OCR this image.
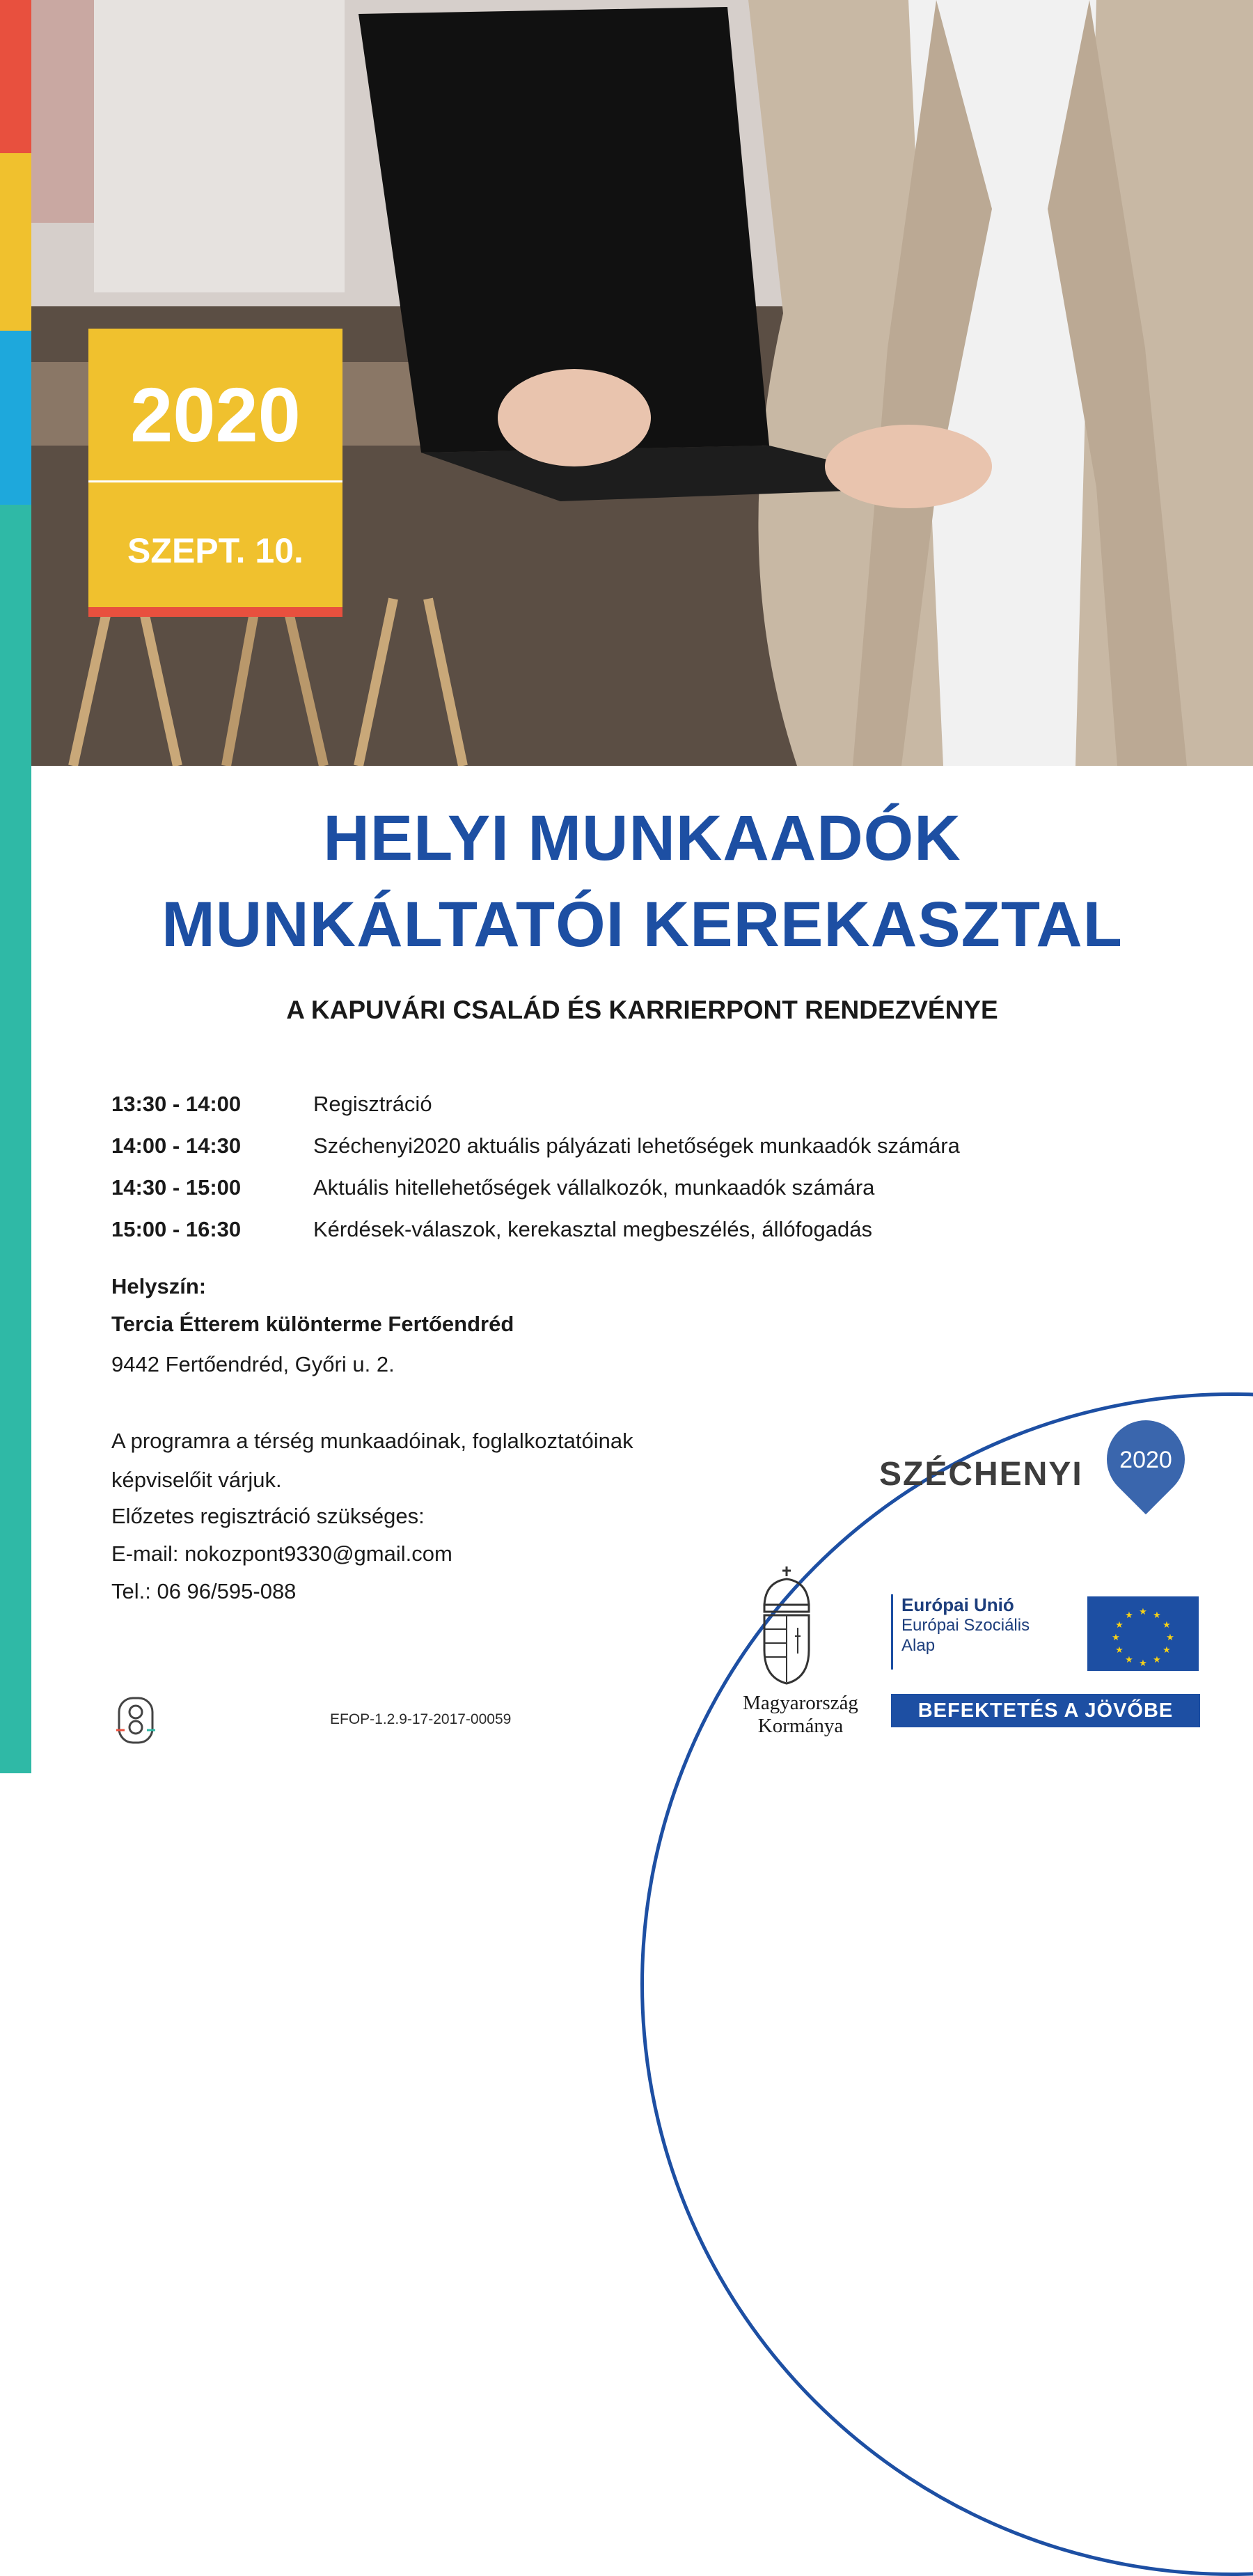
2020
SZEPT. 10.
HELYI MUNKAADÓK
MUNKÁLTATÓI KEREKASZTAL
A KAPUVÁRI CSALÁD ÉS KARRIERPONT RENDEZVÉNYE
13:30 - 14:00	Regisztráció
14:00 - 14:30	Széchenyi2020 aktuális pályázati lehetőségek munkaadók számára
14:30 - 15:00	Aktuális hitellehetőségek vállalkozók, munkaadók számára
15:00 - 16:30	Kérdések-válaszok, kerekasztal megbeszélés, állófogadás
Helyszín:
Tercia Étterem különterme Fertőendréd
9442 Fertőendréd, Győri u. 2.
A programra a térség munkaadóinak, foglalkoztatóinak
képviselőit várjuk.
Előzetes regisztráció szükséges:
E-mail: nokozpont9330@gmail.com
Tel.: 06 96/595-088
SZÉCHENYI	2020
Magyarország
Kormánya
Európai Unió
Európai Szociális
Alap
★ ★
★
★
★
★
★
★
★
★
★
★
BEFEKTETÉS A JÖVŐBE
EFOP-1.2.9-17-2017-00059
